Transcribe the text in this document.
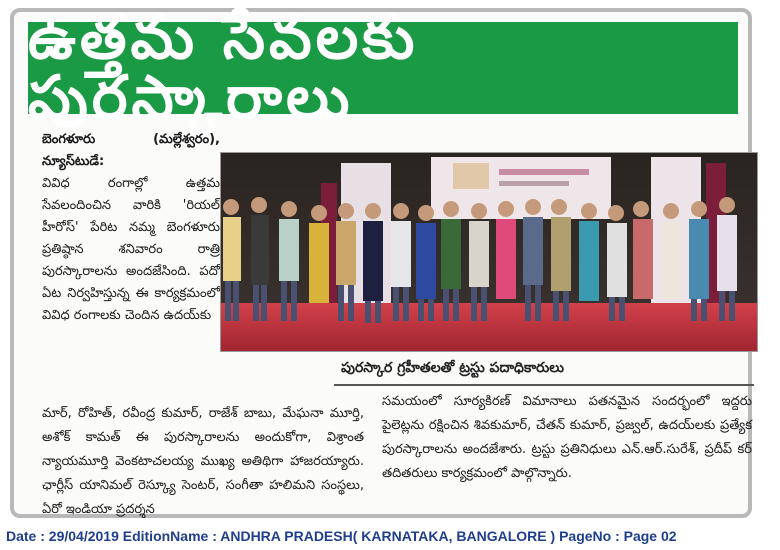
ఉత్తమ సేవలకు పురస్కారాలు
బెంగళూరు (మల్లేశ్వరం), న్యూస్‌టుడే:
వివిధ రంగాల్లో ఉత్తమ సేవలందించిన వారికి 'రియల్ హీరోస్' పేరిట నమ్మ బెంగళూరు ప్రతిష్ఠాన శనివారం రాత్రి పురస్కారాలను అందజేసింది. పదో ఏట నిర్వహిస్తున్న ఈ కార్యక్రమంలో వివిధ రంగాలకు చెందిన ఉదయ్‌కు
పురస్కార గ్రహీతలతో ట్రస్టు పదాధికారులు
మార్, రోహిత్, రవీంద్ర కుమార్, రాజేశ్ బాబు, మేఘనా మూర్తి, అశోక్ కామత్ ఈ పురస్కారాలను అందుకోగా, విశ్రాంత న్యాయమూర్తి వెంకటాచలయ్య ముఖ్య అతిథిగా హాజరయ్యారు. ఛార్లీస్ యానిమల్ రెస్క్యూ సెంటర్, సంగీతా హలిమని సంస్థలు, ఏరో ఇండియా ప్రదర్శన
సమయంలో సూర్యకిరణ్ విమానాలు పతనమైన సందర్భంలో ఇద్దరు పైలెట్లను రక్షించిన శివకుమార్, చేతన్ కుమార్, ప్రజ్వల్, ఉదయ్‌లకు ప్రత్యేక పురస్కారాలను అందజేశారు. ట్రస్టు ప్రతినిధులు ఎన్.ఆర్.సురేశ్, ప్రదీప్ కర్ తదితరులు కార్యక్రమంలో పాల్గొన్నారు.
Date : 29/04/2019 EditionName : ANDHRA PRADESH( KARNATAKA, BANGALORE ) PageNo : Page 02
